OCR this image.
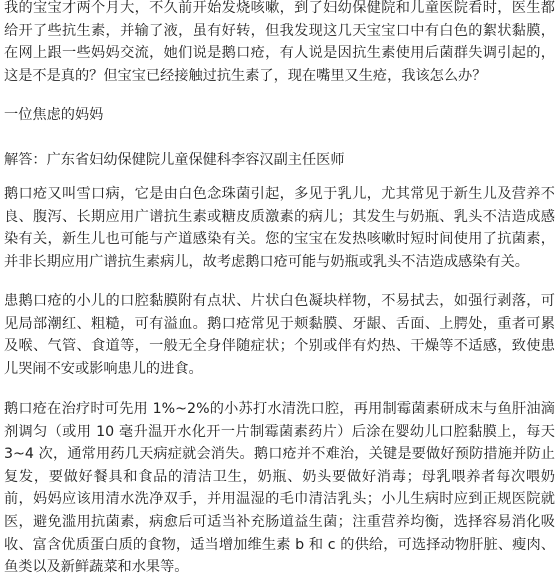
我的宝宝才两个月大，不久前开始发烧咳嗽，到了妇幼保健院和儿童医院看时，医生都给开了些抗生素，并输了液，虽有好转，但我发现这几天宝宝口中有白色的絮状黏膜，在网上跟一些妈妈交流，她们说是鹅口疮，有人说是因抗生素使用后菌群失调引起的，这是不是真的？但宝宝已经接触过抗生素了，现在嘴里又生疮，我该怎么办？

一位焦虑的妈妈

解答：广东省妇幼保健院儿童保健科李容汉副主任医师

鹅口疮又叫雪口病，它是由白色念珠菌引起，多见于乳儿，尤其常见于新生儿及营养不良、腹泻、长期应用广谱抗生素或糖皮质激素的病儿；其发生与奶瓶、乳头不洁造成感染有关，新生儿也可能与产道感染有关。您的宝宝在发热咳嗽时短时间使用了抗菌素，并非长期应用广谱抗生素病儿，故考虑鹅口疮可能与奶瓶或乳头不洁造成感染有关。

患鹅口疮的小儿的口腔黏膜附有点状、片状白色凝块样物，不易拭去，如强行剥落，可见局部潮红、粗糙，可有溢血。鹅口疮常见于颊黏膜、牙龈、舌面、上腭处，重者可累及喉、气管、食道等，一般无全身伴随症状；个别或伴有灼热、干燥等不适感，致使患儿哭闹不安或影响患儿的进食。

鹅口疮在治疗时可先用 1%~2%的小苏打水清洗口腔，再用制霉菌素研成末与鱼肝油滴剂调匀（或用 10 毫升温开水化开一片制霉菌素药片）后涂在婴幼儿口腔黏膜上，每天 3~4 次，通常用药几天病症就会消失。鹅口疮并不难治，关键是要做好预防措施并防止复发，要做好餐具和食品的清洁卫生，奶瓶、奶头要做好消毒；母乳喂养者每次喂奶前，妈妈应该用清水洗净双手，并用温湿的毛巾清洁乳头；小儿生病时应到正规医院就医，避免滥用抗菌素，病愈后可适当补充肠道益生菌；注重营养均衡，选择容易消化吸收、富含优质蛋白质的食物，适当增加维生素 b 和 c 的供给，可选择动物肝脏、瘦肉、鱼类以及新鲜蔬菜和水果等。
